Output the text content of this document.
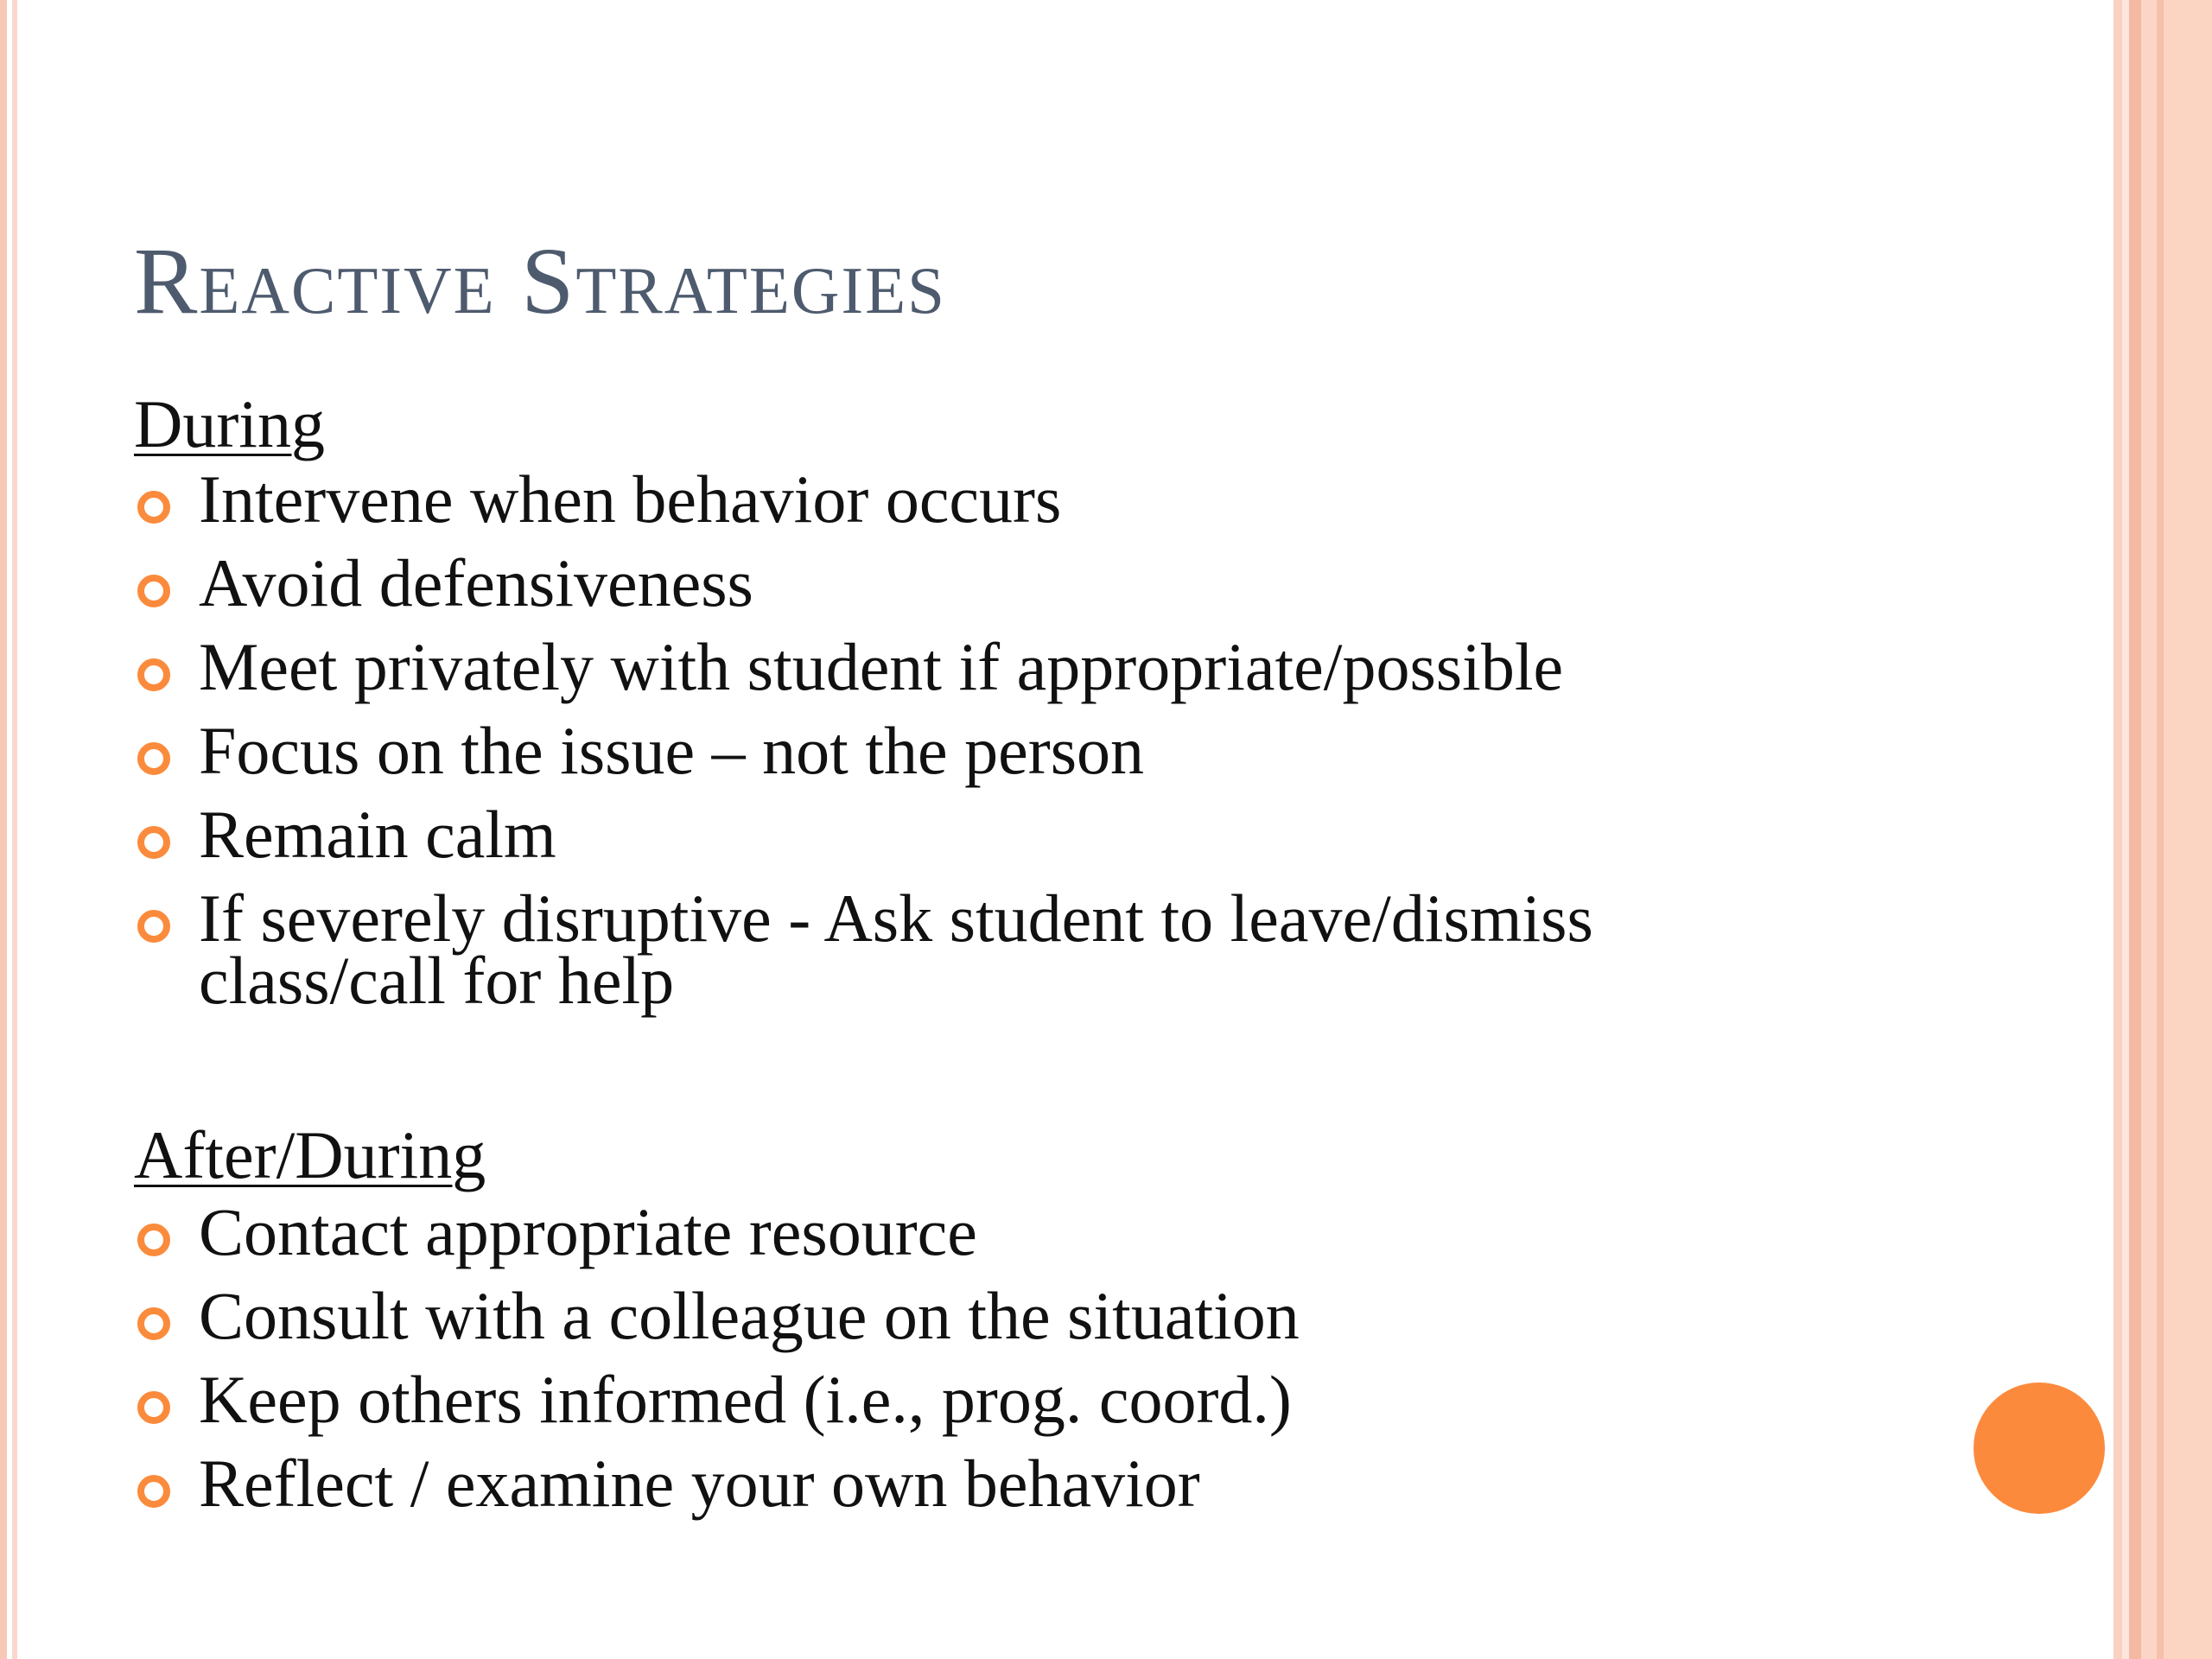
Reactive Strategies
During
Intervene when behavior occurs
Avoid defensiveness
Meet privately with student if appropriate/possible
Focus on the issue – not the person
Remain calm
If severely disruptive - Ask student to leave/dismiss
class/call for help
After/During
Contact appropriate resource
Consult with a colleague on the situation
Keep others informed (i.e., prog. coord.)
Reflect / examine your own behavior
